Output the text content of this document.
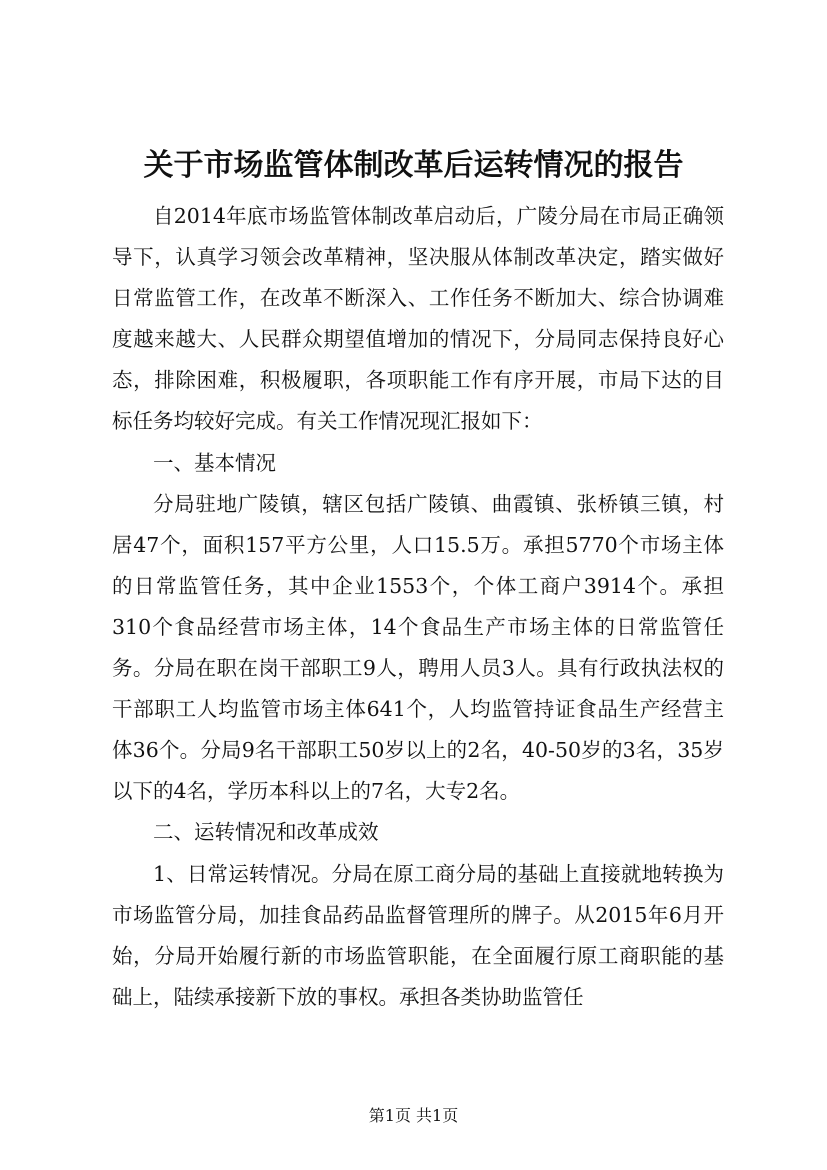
关于市场监管体制改革后运转情况的报告

自2014年底市场监管体制改革启动后，广陵分局在市局正确领导下，认真学习领会改革精神，坚决服从体制改革决定，踏实做好日常监管工作，在改革不断深入、工作任务不断加大、综合协调难度越来越大、人民群众期望值增加的情况下，分局同志保持良好心态，排除困难，积极履职，各项职能工作有序开展，市局下达的目标任务均较好完成。有关工作情况现汇报如下：

一、基本情况

分局驻地广陵镇，辖区包括广陵镇、曲霞镇、张桥镇三镇，村居47个，面积157平方公里，人口15.5万。承担5770个市场主体的日常监管任务，其中企业1553个，个体工商户3914个。承担310个食品经营市场主体，14个食品生产市场主体的日常监管任务。分局在职在岗干部职工9人，聘用人员3人。具有行政执法权的干部职工人均监管市场主体641个，人均监管持证食品生产经营主体36个。分局9名干部职工50岁以上的2名，40-50岁的3名，35岁以下的4名，学历本科以上的7名，大专2名。

二、运转情况和改革成效

1、日常运转情况。分局在原工商分局的基础上直接就地转换为市场监管分局，加挂食品药品监督管理所的牌子。从2015年6月开始，分局开始履行新的市场监管职能，在全面履行原工商职能的基础上，陆续承接新下放的事权。承担各类协助监管任

第1页 共1页
